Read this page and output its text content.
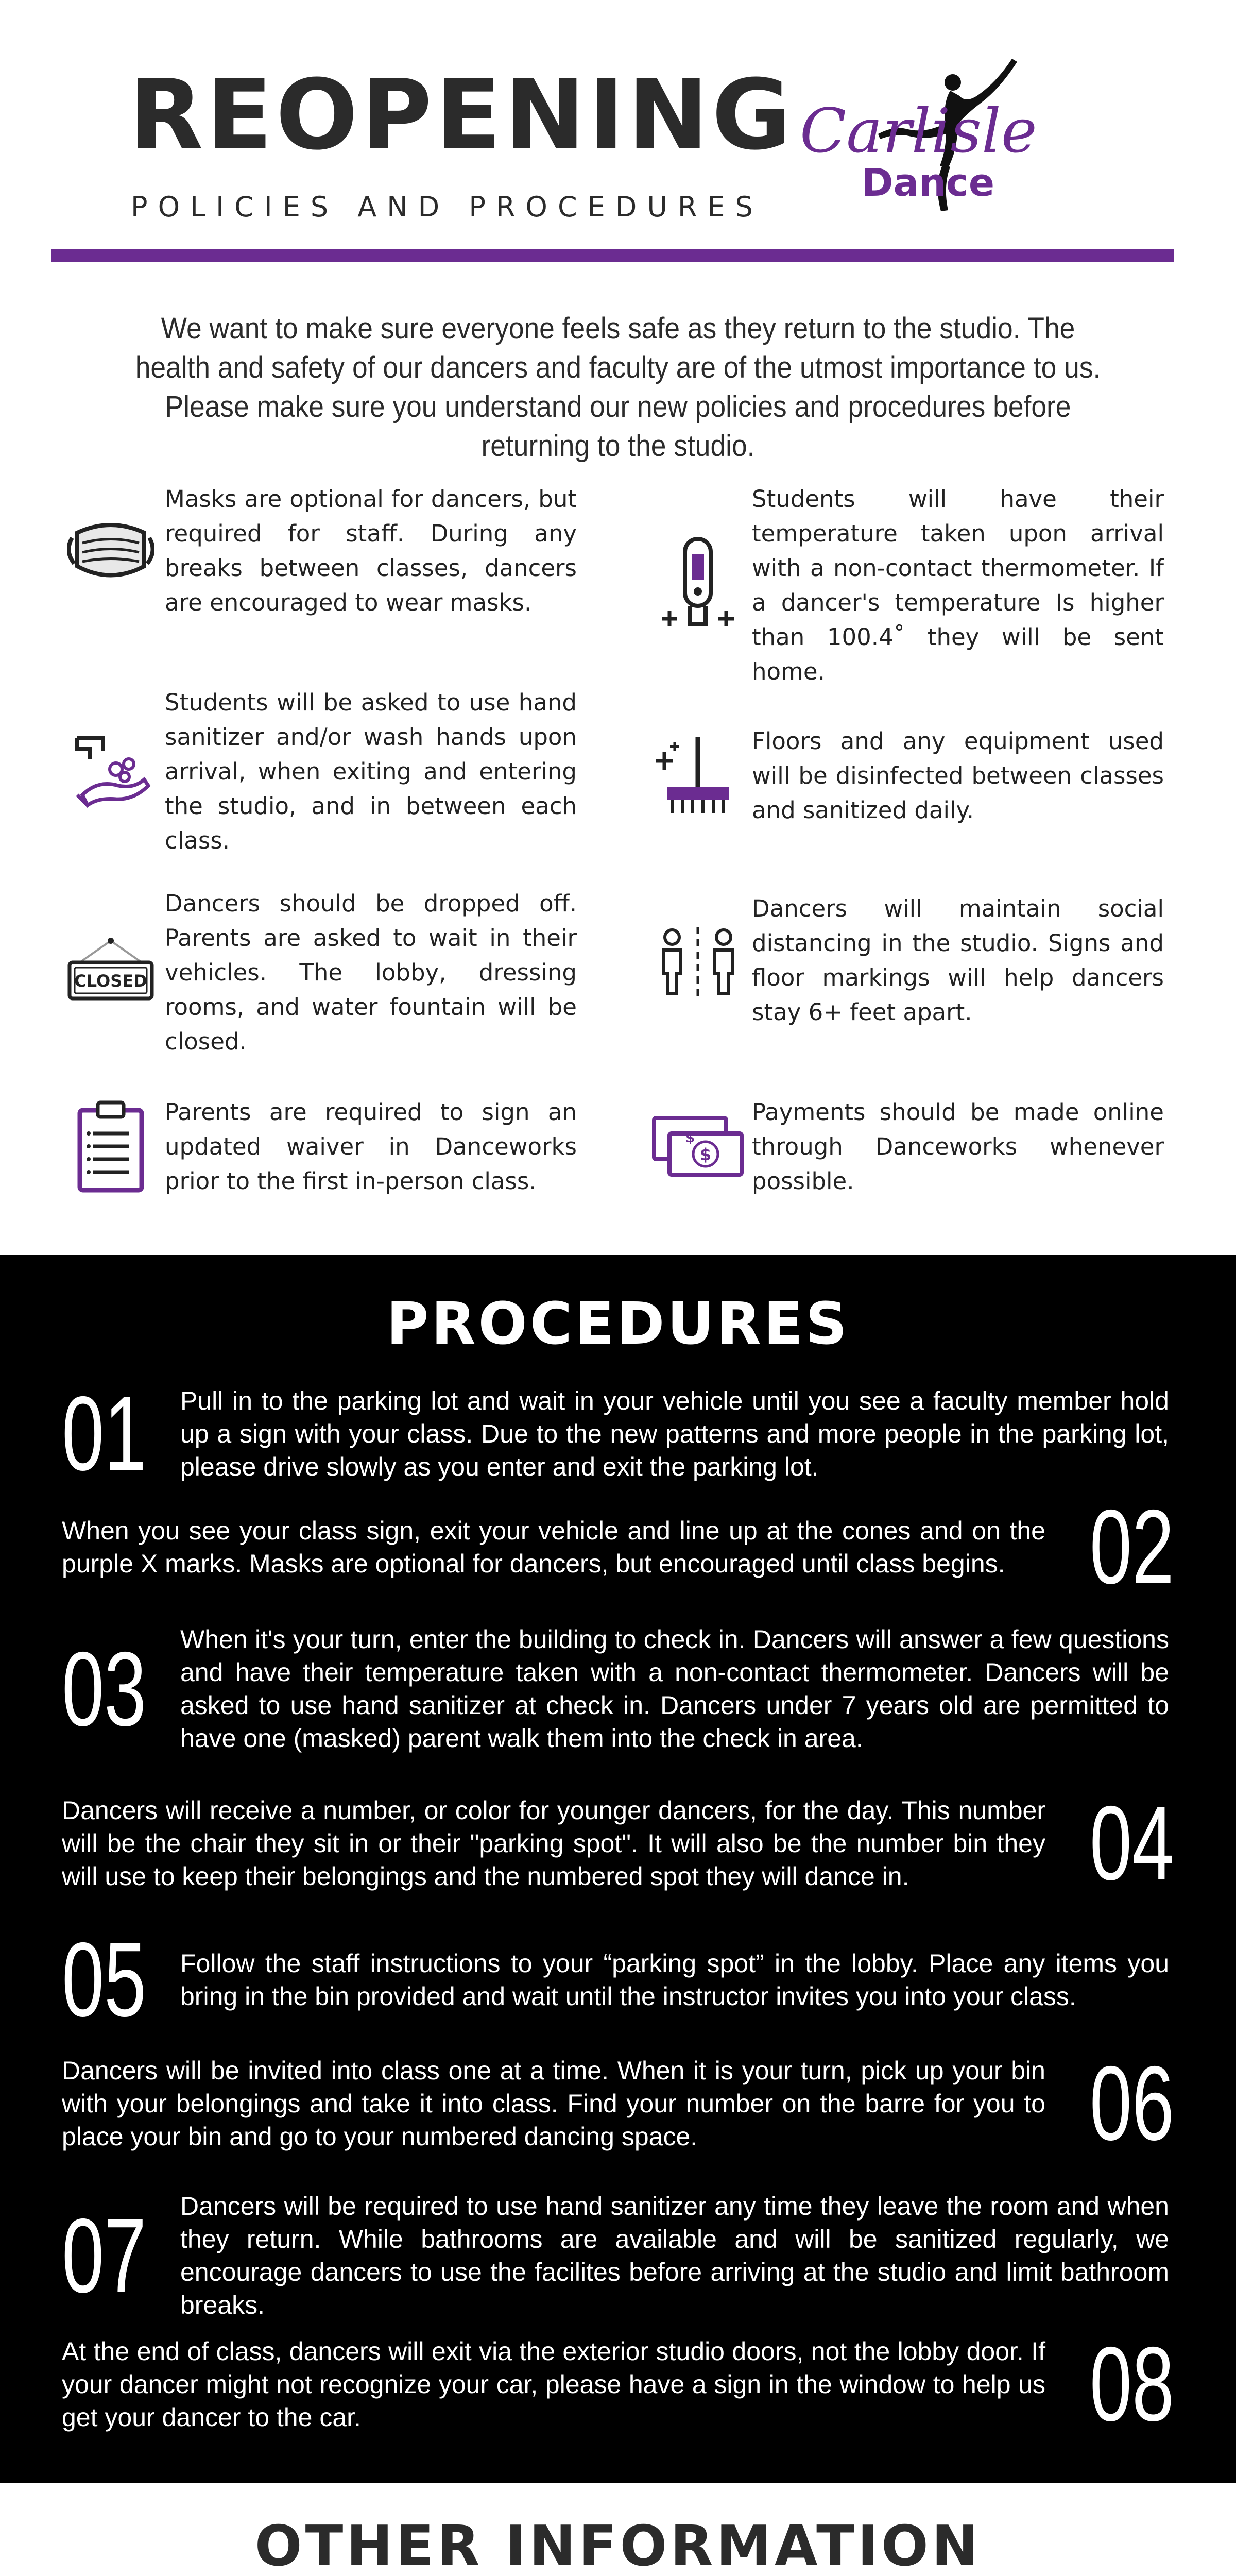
REOPENING
POLICIES AND PROCEDURES
Carlisle
Dance
We want to make sure everyone feels safe as they return to the studio. The health and safety of our dancers and faculty are of the utmost importance to us. Please make sure you understand our new policies and procedures before returning to the studio.
Masks are optional for dancers, but required for staff. During any breaks between classes, dancers are encouraged to wear masks.
Students will have their temperature taken upon arrival with a non-contact thermometer. If a dancer's temperature Is higher than 100.4˚ they will be sent home.
Students will be asked to use hand sanitizer and/or wash hands upon arrival, when exiting and entering the studio, and in between each class.
Floors and any equipment used will be disinfected between classes and sanitized daily.
CLOSED
Dancers should be dropped off. Parents are asked to wait in their vehicles. The lobby, dressing rooms, and water fountain will be closed.
Dancers will maintain social distancing in the studio. Signs and floor markings will help dancers stay 6+ feet apart.
Parents are required to sign an updated waiver in Danceworks prior to the first in-person class.
$
$
Payments should be made online through Danceworks whenever possible.
PROCEDURES
01 Pull in to the parking lot and wait in your vehicle until you see a faculty member hold up a sign with your class. Due to the new patterns and more people in the parking lot, please drive slowly as you enter and exit the parking lot.
When you see your class sign, exit your vehicle and line up at the cones and on the purple X marks. Masks are optional for dancers, but encouraged until class begins. 02
03 When it's your turn, enter the building to check in. Dancers will answer a few questions and have their temperature taken with a non-contact thermometer. Dancers will be asked to use hand sanitizer at check in. Dancers under 7 years old are permitted to have one (masked) parent walk them into the check in area.
Dancers will receive a number, or color for younger dancers, for the day. This number will be the chair they sit in or their "parking spot". It will also be the number bin they will use to keep their belongings and the numbered spot they will dance in.	04
05 Follow the staff instructions to your “parking spot” in the lobby. Place any items you bring in the bin provided and wait until the instructor invites you into your class.
Dancers will be invited into class one at a time. When it is your turn, pick up your bin with your belongings and take it into class. Find your number on the barre for you to place your bin and go to your numbered dancing space.	06
07 Dancers will be required to use hand sanitizer any time they leave the room and when they return. While bathrooms are available and will be sanitized regularly, we encourage dancers to use the facilites before arriving at the studio and limit bathroom breaks.
At the end of class, dancers will exit via the exterior studio doors, not the lobby door. If your dancer might not recognize your car, please have a sign in the window to help us get your dancer to the car.	08
OTHER INFORMATION
